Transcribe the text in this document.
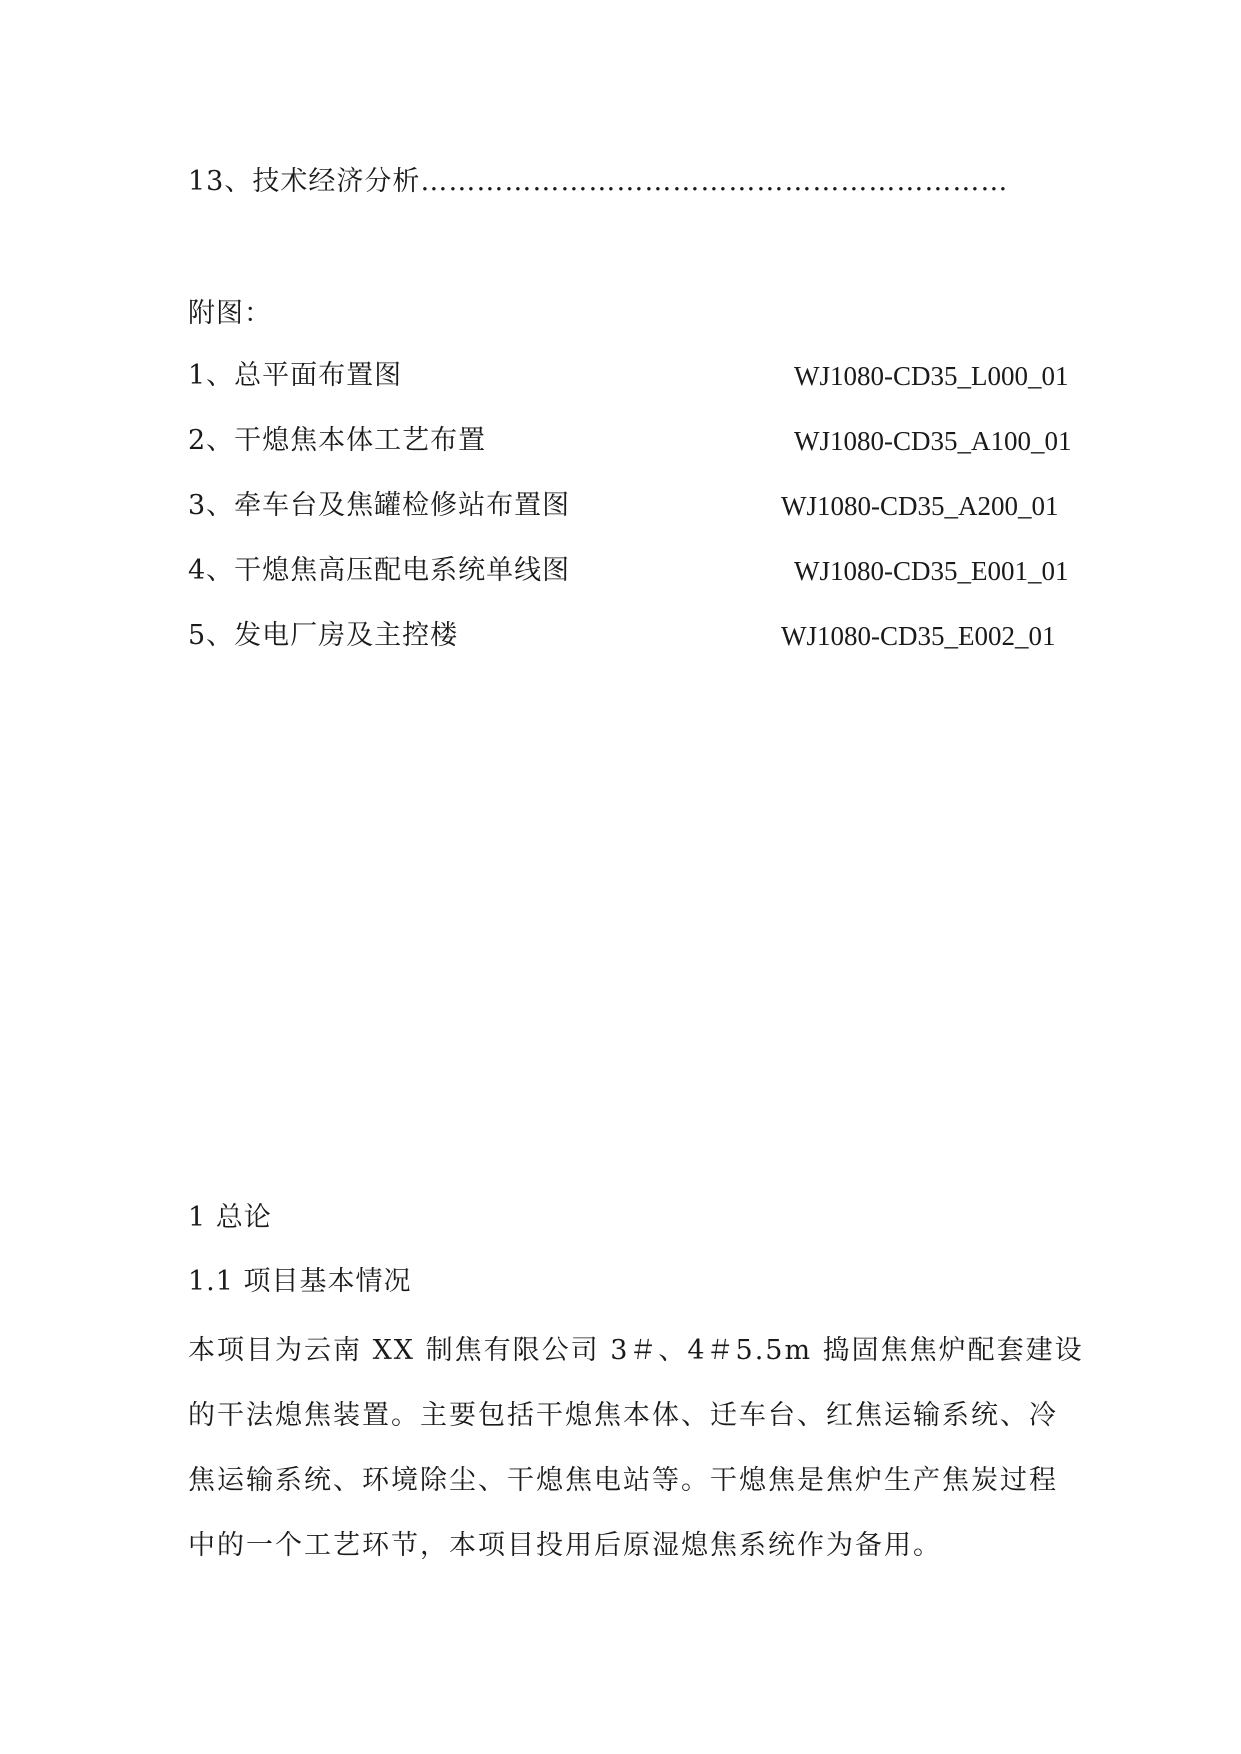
13、技术经济分析………………………………………………………
附图：
1、总平面布置图	WJ1080-CD35_L000_01
2、干熄焦本体工艺布置	WJ1080-CD35_A100_01
3、牵车台及焦罐检修站布置图	WJ1080-CD35_A200_01
4、干熄焦高压配电系统单线图	WJ1080-CD35_E001_01
5、发电厂房及主控楼	WJ1080-CD35_E002_01
1 总论
1.1 项目基本情况
本项目为云南 XX 制焦有限公司 3＃、4＃5.5m 捣固焦焦炉配套建设
的干法熄焦装置。主要包括干熄焦本体、迁车台、红焦运输系统、冷
焦运输系统、环境除尘、干熄焦电站等。干熄焦是焦炉生产焦炭过程
中的一个工艺环节，本项目投用后原湿熄焦系统作为备用。
